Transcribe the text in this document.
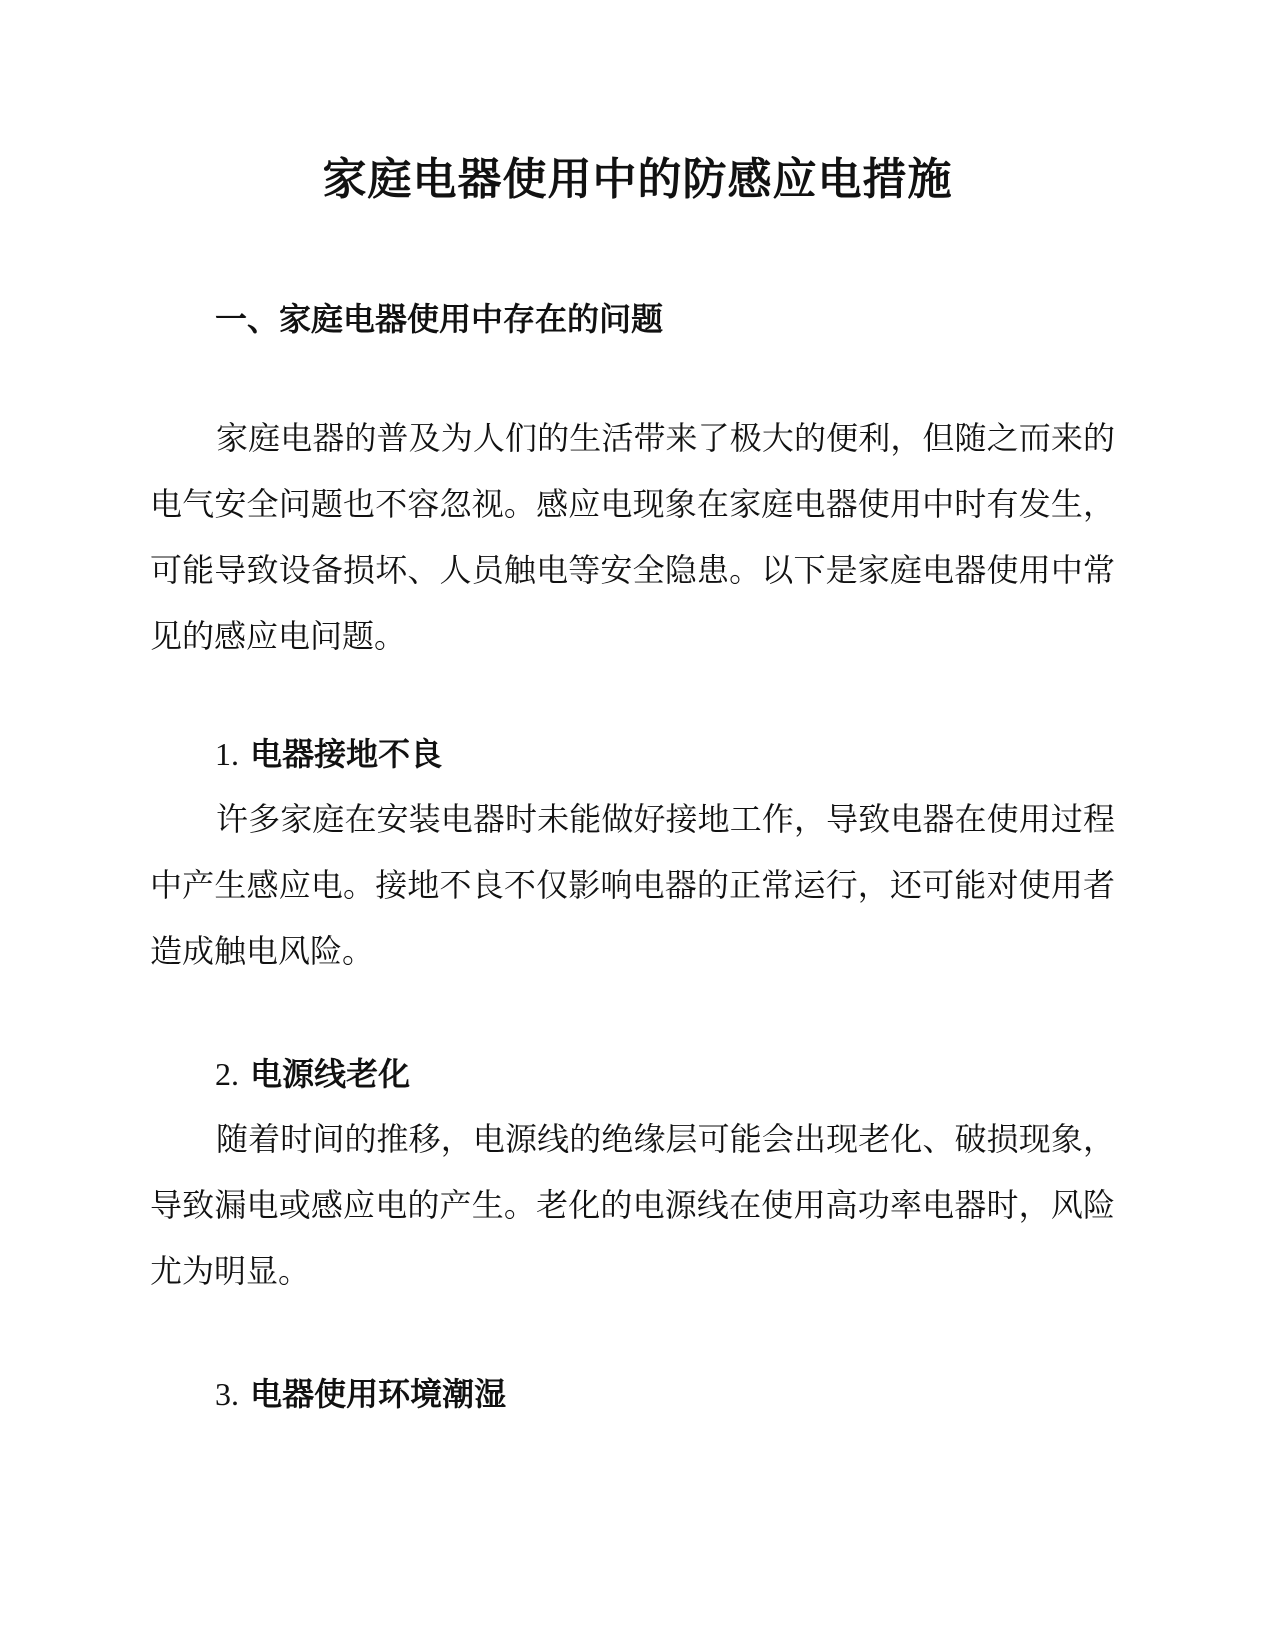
家庭电器使用中的防感应电措施
一、家庭电器使用中存在的问题

家庭电器的普及为人们的生活带来了极大的便利，但随之而来的电气安全问题也不容忽视。感应电现象在家庭电器使用中时有发生，可能导致设备损坏、人员触电等安全隐患。以下是家庭电器使用中常见的感应电问题。

1. 电器接地不良

许多家庭在安装电器时未能做好接地工作，导致电器在使用过程中产生感应电。接地不良不仅影响电器的正常运行，还可能对使用者造成触电风险。

2. 电源线老化

随着时间的推移，电源线的绝缘层可能会出现老化、破损现象，导致漏电或感应电的产生。老化的电源线在使用高功率电器时，风险尤为明显。

3. 电器使用环境潮湿
